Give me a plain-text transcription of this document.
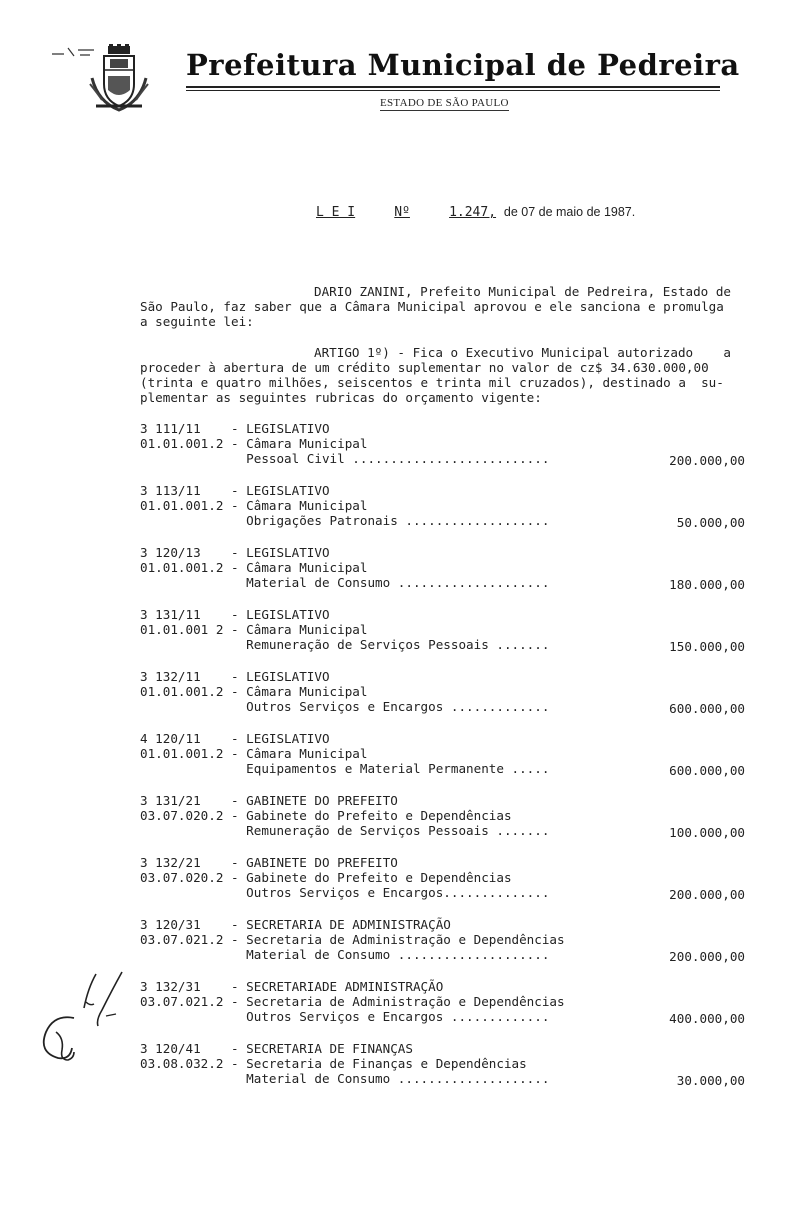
Prefeitura Municipal de Pedreira
ESTADO DE SÃO PAULO
L E I	Nº	1.247, de 07 de maio de 1987.
DARIO ZANINI, Prefeito Municipal de Pedreira, Estado de
São Paulo, faz saber que a Câmara Municipal aprovou e ele sanciona e promulga
a seguinte lei:
ARTIGO 1º) - Fica o Executivo Municipal autorizado    a
proceder à abertura de um crédito suplementar no valor de cz$ 34.630.000,00
(trinta e quatro milhões, seiscentos e trinta mil cruzados), destinado a  su-
plementar as seguintes rubricas do orçamento vigente:
3 111/11    - LEGISLATIVO
01.01.001.2 - Câmara Municipal
Pessoal Civil ..........................	200.000,00
3 113/11    - LEGISLATIVO
01.01.001.2 - Câmara Municipal
Obrigações Patronais ...................	50.000,00
3 120/13    - LEGISLATIVO
01.01.001.2 - Câmara Municipal
Material de Consumo ....................	180.000,00
3 131/11    - LEGISLATIVO
01.01.001 2 - Câmara Municipal
Remuneração de Serviços Pessoais .......	150.000,00
3 132/11    - LEGISLATIVO
01.01.001.2 - Câmara Municipal
Outros Serviços e Encargos .............	600.000,00
4 120/11    - LEGISLATIVO
01.01.001.2 - Câmara Municipal
Equipamentos e Material Permanente .....	600.000,00
3 131/21    - GABINETE DO PREFEITO
03.07.020.2 - Gabinete do Prefeito e Dependências
Remuneração de Serviços Pessoais .......	100.000,00
3 132/21    - GABINETE DO PREFEITO
03.07.020.2 - Gabinete do Prefeito e Dependências
Outros Serviços e Encargos..............	200.000,00
3 120/31    - SECRETARIA DE ADMINISTRAÇÃO
03.07.021.2 - Secretaria de Administração e Dependências
Material de Consumo ....................	200.000,00
3 132/31    - SECRETARIADE ADMINISTRAÇÃO
03.07.021.2 - Secretaria de Administração e Dependências
Outros Serviços e Encargos .............	400.000,00
3 120/41    - SECRETARIA DE FINANÇAS
03.08.032.2 - Secretaria de Finanças e Dependências
Material de Consumo ....................	30.000,00
